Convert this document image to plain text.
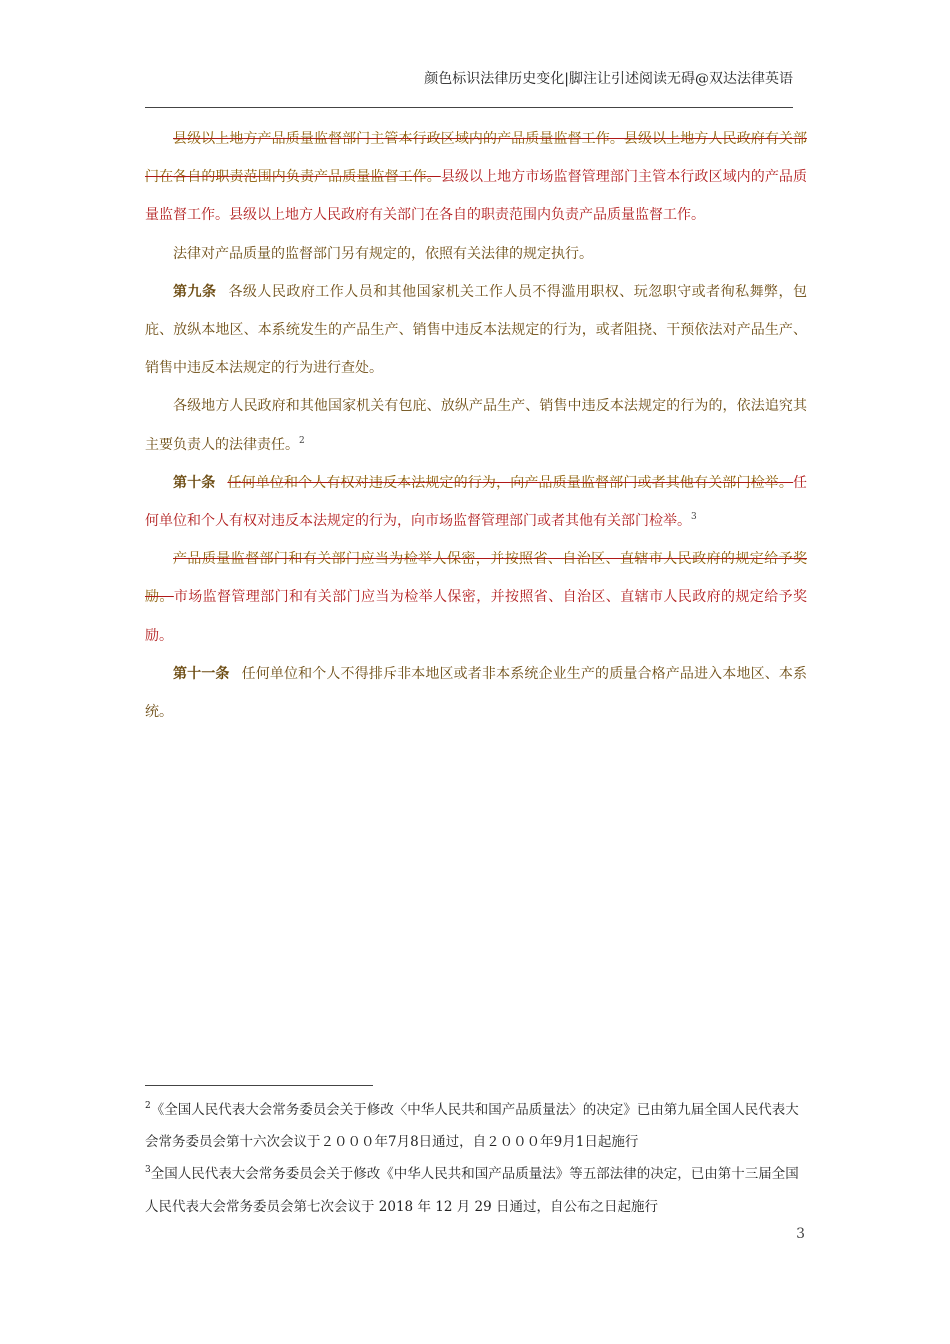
颜色标识法律历史变化|脚注让引述阅读无碍@双达法律英语

县级以上地方产品质量监督部门主管本行政区域内的产品质量监督工作。县级以上地方人民政府有关部门在各自的职责范围内负责产品质量监督工作。县级以上地方市场监督管理部门主管本行政区域内的产品质量监督工作。县级以上地方人民政府有关部门在各自的职责范围内负责产品质量监督工作。

法律对产品质量的监督部门另有规定的，依照有关法律的规定执行。

第九条 各级人民政府工作人员和其他国家机关工作人员不得滥用职权、玩忽职守或者徇私舞弊，包庇、放纵本地区、本系统发生的产品生产、销售中违反本法规定的行为，或者阻挠、干预依法对产品生产、销售中违反本法规定的行为进行查处。

各级地方人民政府和其他国家机关有包庇、放纵产品生产、销售中违反本法规定的行为的，依法追究其主要负责人的法律责任。$^2$

第十条 任何单位和个人有权对违反本法规定的行为，向产品质量监督部门或者其他有关部门检举。任何单位和个人有权对违反本法规定的行为，向市场监督管理部门或者其他有关部门检举。$^3$

产品质量监督部门和有关部门应当为检举人保密，并按照省、自治区、直辖市人民政府的规定给予奖励。市场监督管理部门和有关部门应当为检举人保密，并按照省、自治区、直辖市人民政府的规定给予奖励。

第十一条 任何单位和个人不得排斥非本地区或者非本系统企业生产的质量合格产品进入本地区、本系统。

$^2$《全国人民代表大会常务委员会关于修改〈中华人民共和国产品质量法〉的决定》已由第九届全国人民代表大会常务委员会第十六次会议于２０００年7月8日通过，自２０００年9月1日起施行

$^3$全国人民代表大会常务委员会关于修改《中华人民共和国产品质量法》等五部法律的决定，已由第十三届全国人民代表大会常务委员会第七次会议于 2018 年 12 月 29 日通过，自公布之日起施行

3
